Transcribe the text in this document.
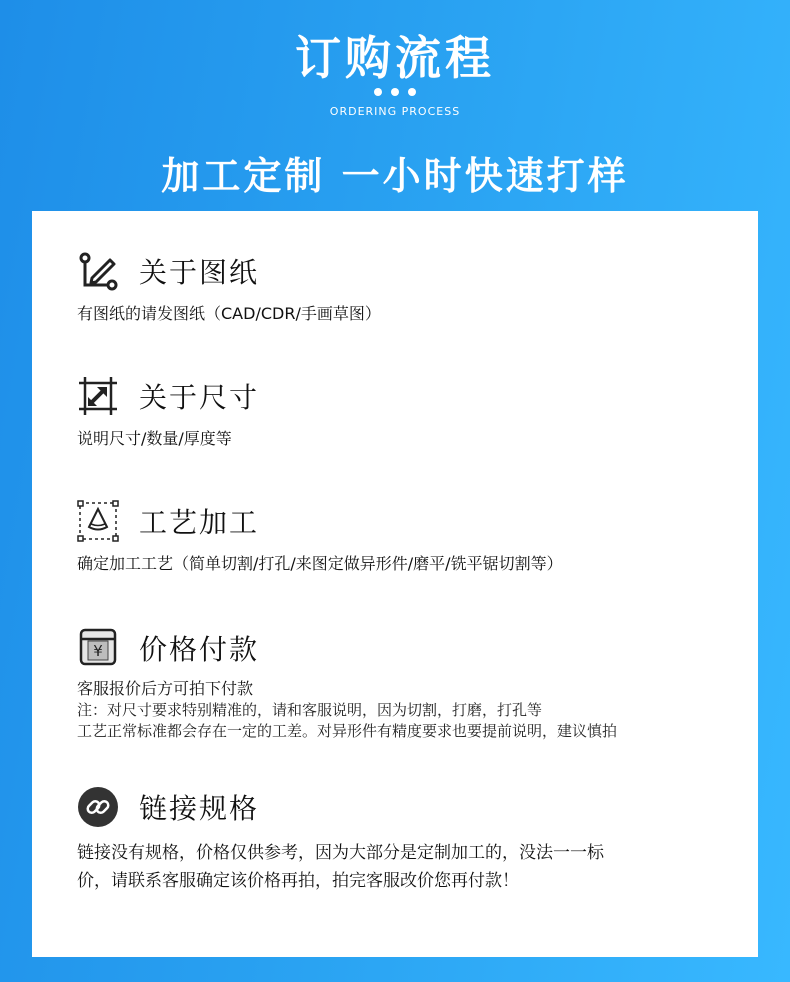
订购流程
ORDERING PROCESS
加工定制 一小时快速打样
关于图纸
有图纸的请发图纸（CAD/CDR/手画草图）
关于尺寸
说明尺寸/数量/厚度等
工艺加工
确定加工工艺（简单切割/打孔/来图定做异形件/磨平/铣平锯切割等）
¥ 价格付款
客服报价后方可拍下付款
注：对尺寸要求特别精准的，请和客服说明，因为切割，打磨，打孔等
工艺正常标准都会存在一定的工差。对异形件有精度要求也要提前说明，建议慎拍
链接规格
链接没有规格，价格仅供参考，因为大部分是定制加工的，没法一一标
价，请联系客服确定该价格再拍，拍完客服改价您再付款！
